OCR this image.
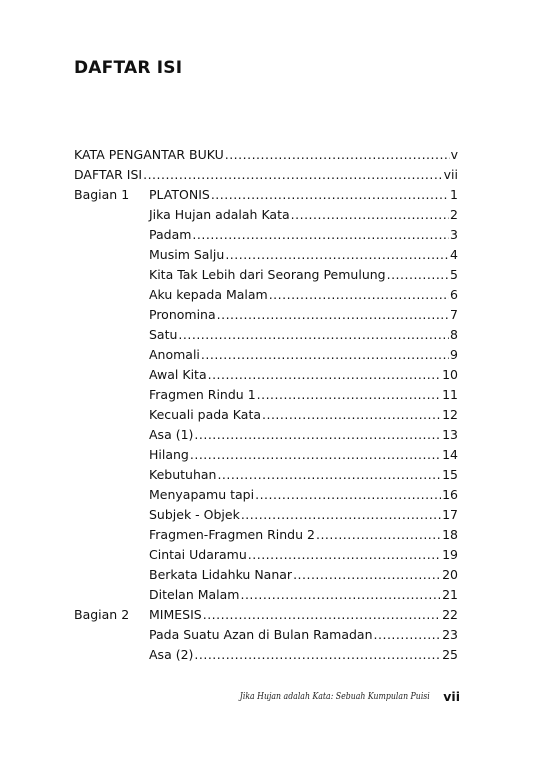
DAFTAR ISI
KATA PENGANTAR BUKU .....	v
DAFTAR ISI .....	vii
Bagian 1 PLATONIS .....	1
Jika Hujan adalah Kata .....	2
Padam .....	3
Musim Salju .....	4
Kita Tak Lebih dari Seorang Pemulung .....	5
Aku kepada Malam .....	6
Pronomina .....	7
Satu .....	8
Anomali .....	9
Awal Kita .....	10
Fragmen Rindu 1 .....	11
Kecuali pada Kata .....	12
Asa (1) .....	13
Hilang .....	14
Kebutuhan .....	15
Menyapamu tapi .....	16
Subjek - Objek .....	17
Fragmen-Fragmen Rindu 2 .....	18
Cintai Udaramu .....	19
Berkata Lidahku Nanar .....	20
Ditelan Malam .....	21
Bagian 2 MIMESIS .....	22
Pada Suatu Azan di Bulan Ramadan .....	23
Asa (2) .....	25
Jika Hujan adalah Kata: Sebuah Kumpulan Puisi vii
